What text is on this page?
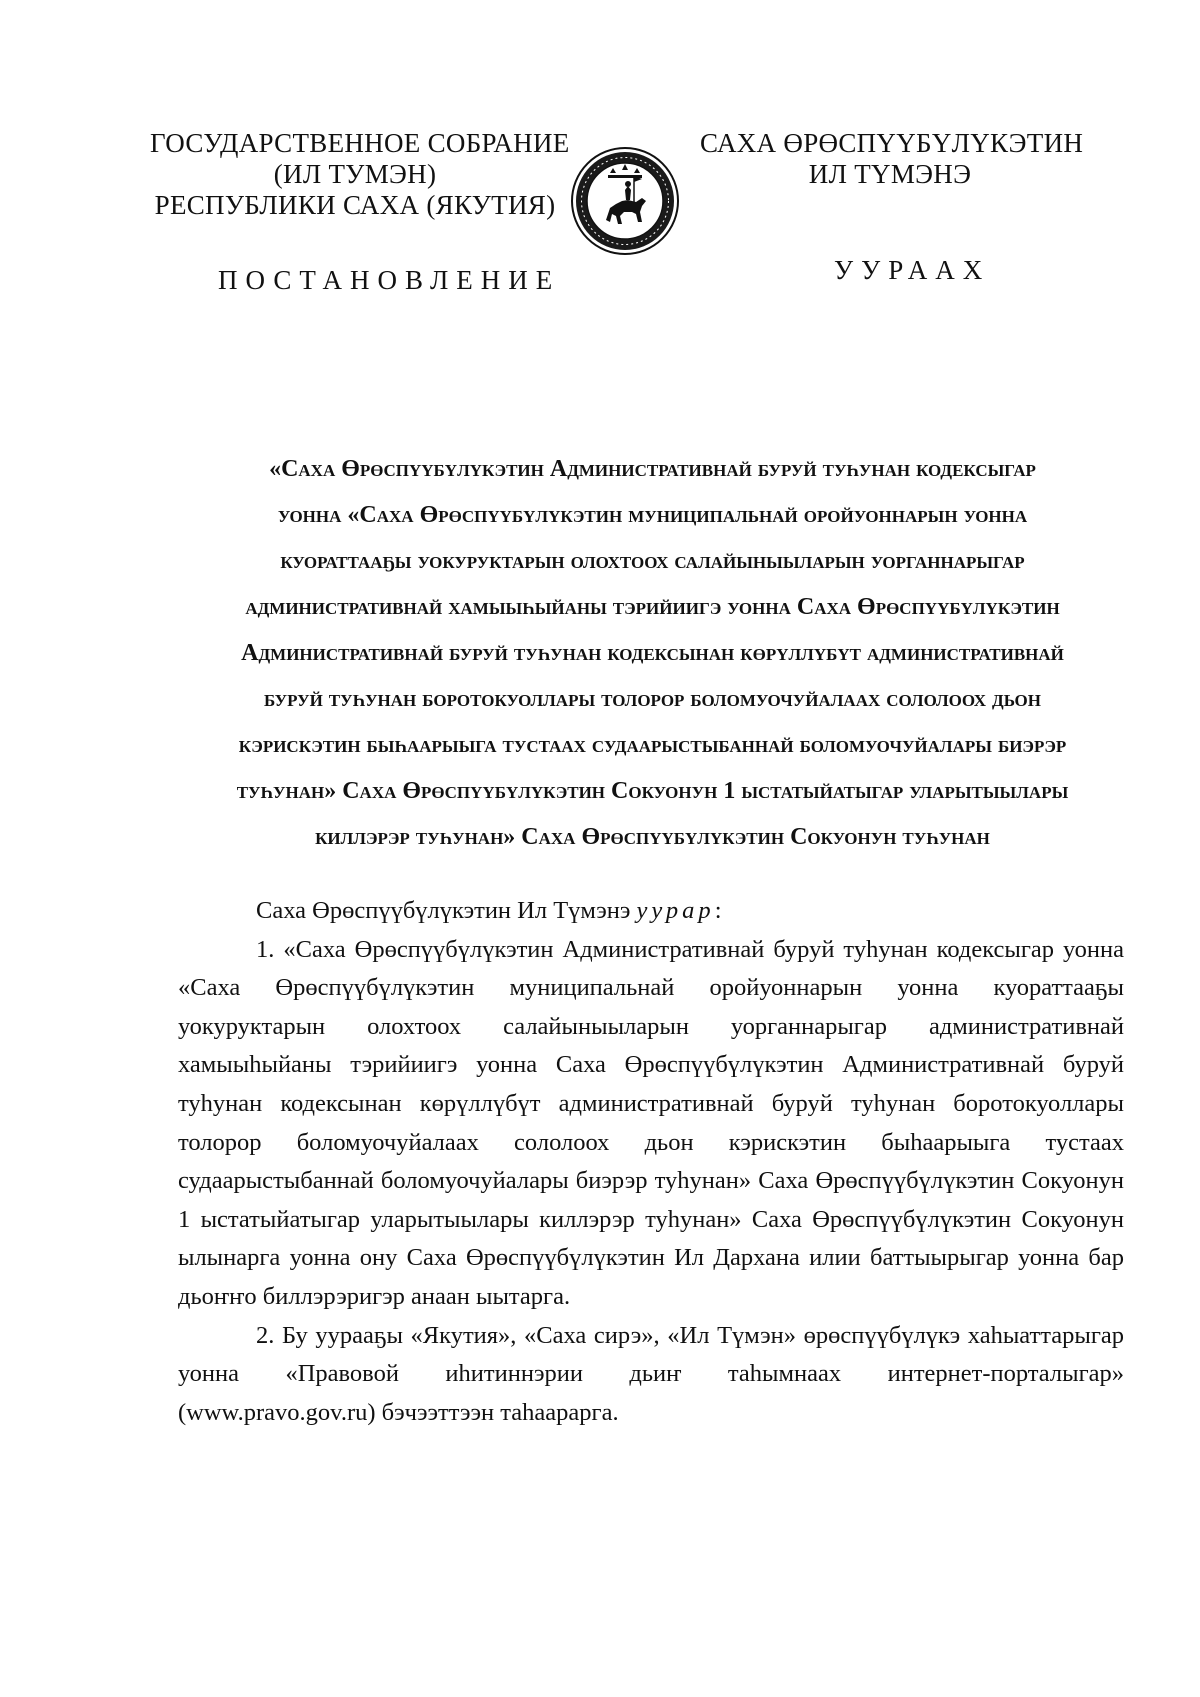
ГОСУДАРСТВЕННОЕ СОБРАНИЕ
(ИЛ ТУМЭН)
РЕСПУБЛИКИ САХА (ЯКУТИЯ)
САХА ӨРӨСПҮҮБҮЛҮКЭТИН
ИЛ ТҮМЭНЭ
ПОСТАНОВЛЕНИЕ	УУРААХ
«Саха Өрөспүүбүлүкэтин Административнай буруй туһунан кодексыгар
уонна «Саха Өрөспүүбүлүкэтин муниципальнай оройуоннарын уонна
куораттааҕы уокуруктарын олохтоох салайыныыларын уорганнарыгар
административнай хамыыһыйаны тэрийиигэ уонна Саха Өрөспүүбүлүкэтин
Административнай буруй туһунан кодексынан көрүллүбүт административнай
буруй туһунан боротокуоллары толорор боломуочуйалаах сололоох дьон
кэрискэтин быһаарыыга тустаах судаарыстыбаннай боломуочуйалары биэрэр
туһунан» Саха Өрөспүүбүлүкэтин Сокуонун 1 ыстатыйатыгар уларытыылары
киллэрэр туһунан» Саха Өрөспүүбүлүкэтин Сокуонун туһунан

Саха Өрөспүүбүлүкэтин Ил Түмэнэ уурар:

1. «Саха Өрөспүүбүлүкэтин Административнай буруй туһунан кодексыгар уонна «Саха Өрөспүүбүлүкэтин муниципальнай оройуоннарын уонна куораттааҕы уокуруктарын олохтоох салайыныыларын уорганнарыгар административнай хамыыһыйаны тэрийиигэ уонна Саха Өрөспүүбүлүкэтин Административнай буруй туһунан кодексынан көрүллүбүт административнай буруй туһунан боротокуоллары толорор боломуочуйалаах сололоох дьон кэрискэтин быһаарыыга тустаах судаарыстыбаннай боломуочуйалары биэрэр туһунан» Саха Өрөспүүбүлүкэтин Сокуонун 1 ыстатыйатыгар уларытыылары киллэрэр туһунан» Саха Өрөспүүбүлүкэтин Сокуонун ылынарга уонна ону Саха Өрөспүүбүлүкэтин Ил Дархана илии баттыырыгар уонна бар дьоҥҥо биллэрэригэр анаан ыытарга.

2. Бу уурааҕы «Якутия», «Саха сирэ», «Ил Түмэн» өрөспүүбүлүкэ хаһыаттарыгар уонна «Правовой иһитиннэрии дьиҥ таһымнаах интернет-порталыгар» (www.pravo.gov.ru) бэчээттээн таһаарарга.
